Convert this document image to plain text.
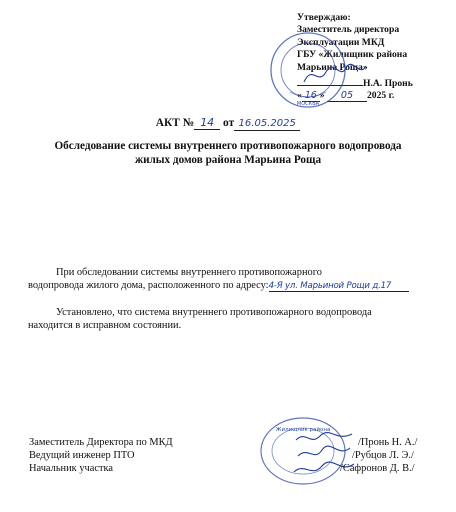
Утверждаю:
Заместитель директора
Эксплуатации МКД
ГБУ «Жилищник района
Марьина Роща»
Н.А. Пронь
« 16 » 05 2025 г.
МОСКВА
АКТ № 14 от 16.05.2025
Обследование системы внутреннего противопожарного водопровода
жилых домов района Марьина Роща
При обследовании системы внутреннего противопожарного
водопровода жилого дома, расположенного по адресу:4-Я ул. Марьиной Рощи д.17
Установлено, что система внутреннего противопожарного водопровода
находится в исправном состоянии.
Заместитель Директора по МКД
Ведущий инженер ПТО
Начальник участка
Жилищник района
/Пронь Н. А./
/Рубцов Л. Э./
/Сафронов Д. В./
